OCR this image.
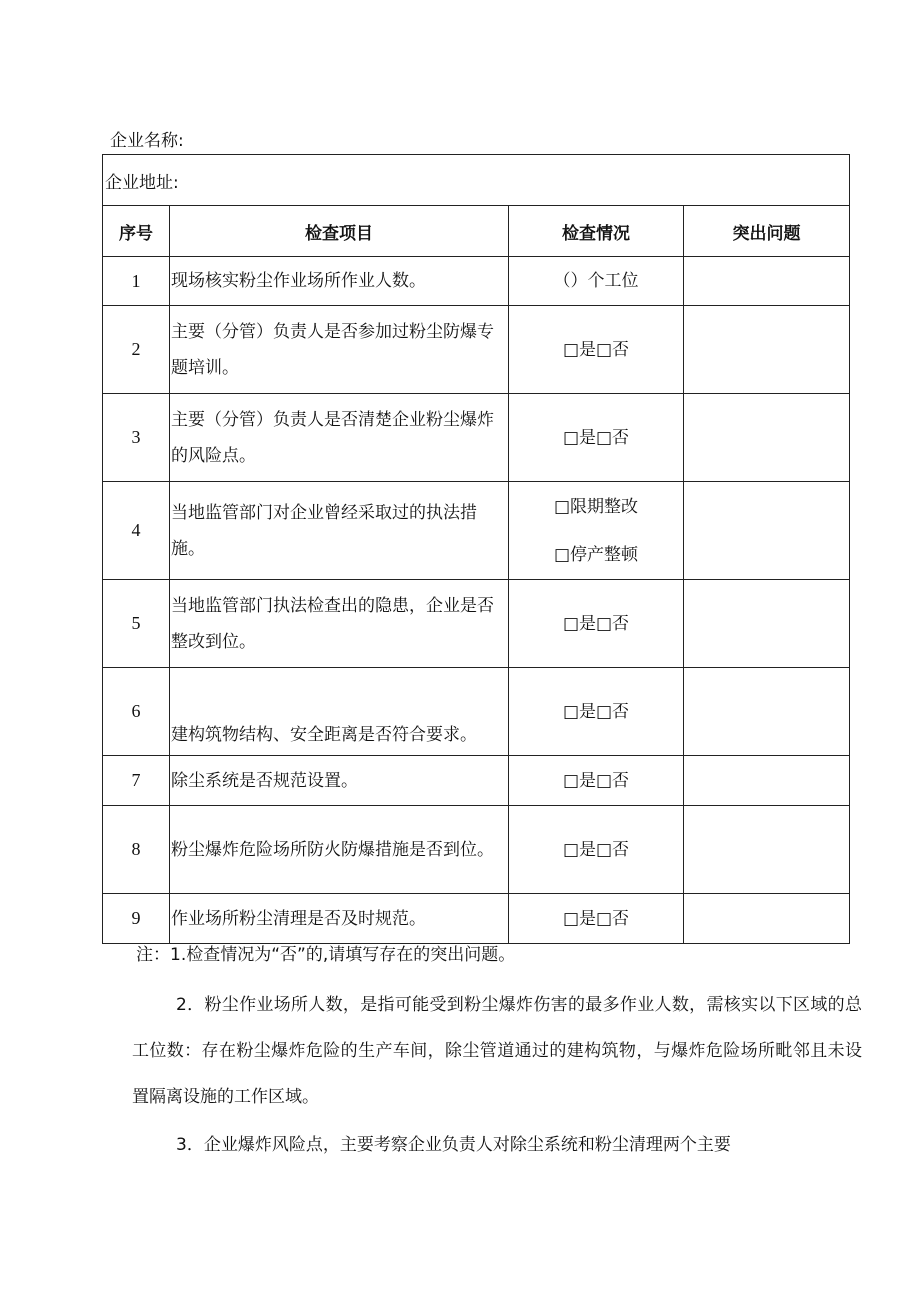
企业名称:
企业地址:			
序号	检查项目	检查情况	突出问题
1	现场核实粉尘作业场所作业人数。	（）个工位	
2	主要（分管）负责人是否参加过粉尘防爆专题培训。	□是□否	
3	主要（分管）负责人是否清楚企业粉尘爆炸的风险点。	□是□否	
4	当地监管部门对企业曾经采取过的执法措施。	□限期整改
□停产整顿	

5	当地监管部门执法检查出的隐患，企业是否整改到位。	□是□否	
6	建构筑物结构、安全距离是否符合要求。	□是□否	
7	除尘系统是否规范设置。	□是□否	
8	粉尘爆炸危险场所防火防爆措施是否到位。	□是□否	
9	作业场所粉尘清理是否及时规范。	□是□否	
注：1.检查情况为“否”的,请填写存在的突出问题。
2．粉尘作业场所人数，是指可能受到粉尘爆炸伤害的最多作业人数，需核实以下区域的总工位数：存在粉尘爆炸危险的生产车间，除尘管道通过的建构筑物，与爆炸危险场所毗邻且未设置隔离设施的工作区域。
3．企业爆炸风险点，主要考察企业负责人对除尘系统和粉尘清理两个主要
